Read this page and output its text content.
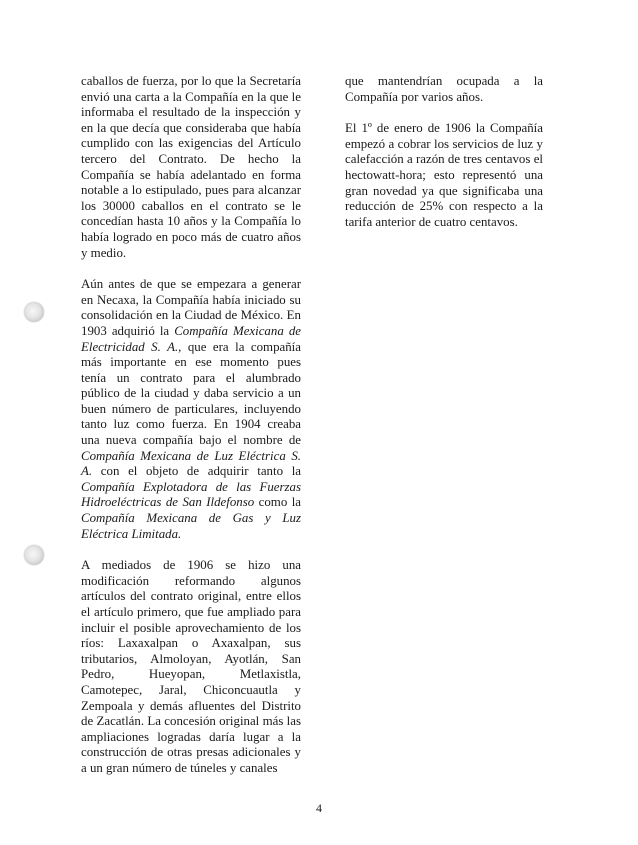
caballos de fuerza, por lo que la Secretaría envió una carta a la Compañía en la que le informaba el resultado de la inspección y en la que decía que consideraba que había cumplido con las exigencias del Artículo tercero del Contrato. De hecho la Compañía se había adelantado en forma notable a lo estipulado, pues para alcanzar los 30000 caballos en el contrato se le concedían hasta 10 años y la Compañía lo había logrado en poco más de cuatro años y medio.

Aún antes de que se empezara a generar en Necaxa, la Compañía había iniciado su consolidación en la Ciudad de México. En 1903 adquirió la Compañía Mexicana de Electricidad S. A., que era la compañía más importante en ese momento pues tenía un contrato para el alumbrado público de la ciudad y daba servicio a un buen número de particulares, incluyendo tanto luz como fuerza. En 1904 creaba una nueva compañía bajo el nombre de Compañía Mexicana de Luz Eléctrica S. A. con el objeto de adquirir tanto la Compañía Explotadora de las Fuerzas Hidroeléctricas de San Ildefonso como la Compañía Mexicana de Gas y Luz Eléctrica Limitada.

A mediados de 1906 se hizo una modificación reformando algunos artículos del contrato original, entre ellos el artículo primero, que fue ampliado para incluir el posible aprovechamiento de los ríos: Laxaxalpan o Axaxalpan, sus tributarios, Almoloyan, Ayotlán, San Pedro, Hueyopan, Metlaxistla, Camotepec, Jaral, Chiconcuautla y Zempoala y demás afluentes del Distrito de Zacatlán. La concesión original más las ampliaciones logradas daría lugar a la construcción de otras presas adicionales y a un gran número de túneles y canales

que mantendrían ocupada a la Compañía por varios años.

El 1º de enero de 1906 la Compañía empezó a cobrar los servicios de luz y calefacción a razón de tres centavos el hectowatt-hora; esto representó una gran novedad ya que significaba una reducción de 25% con respecto a la tarifa anterior de cuatro centavos.

4
